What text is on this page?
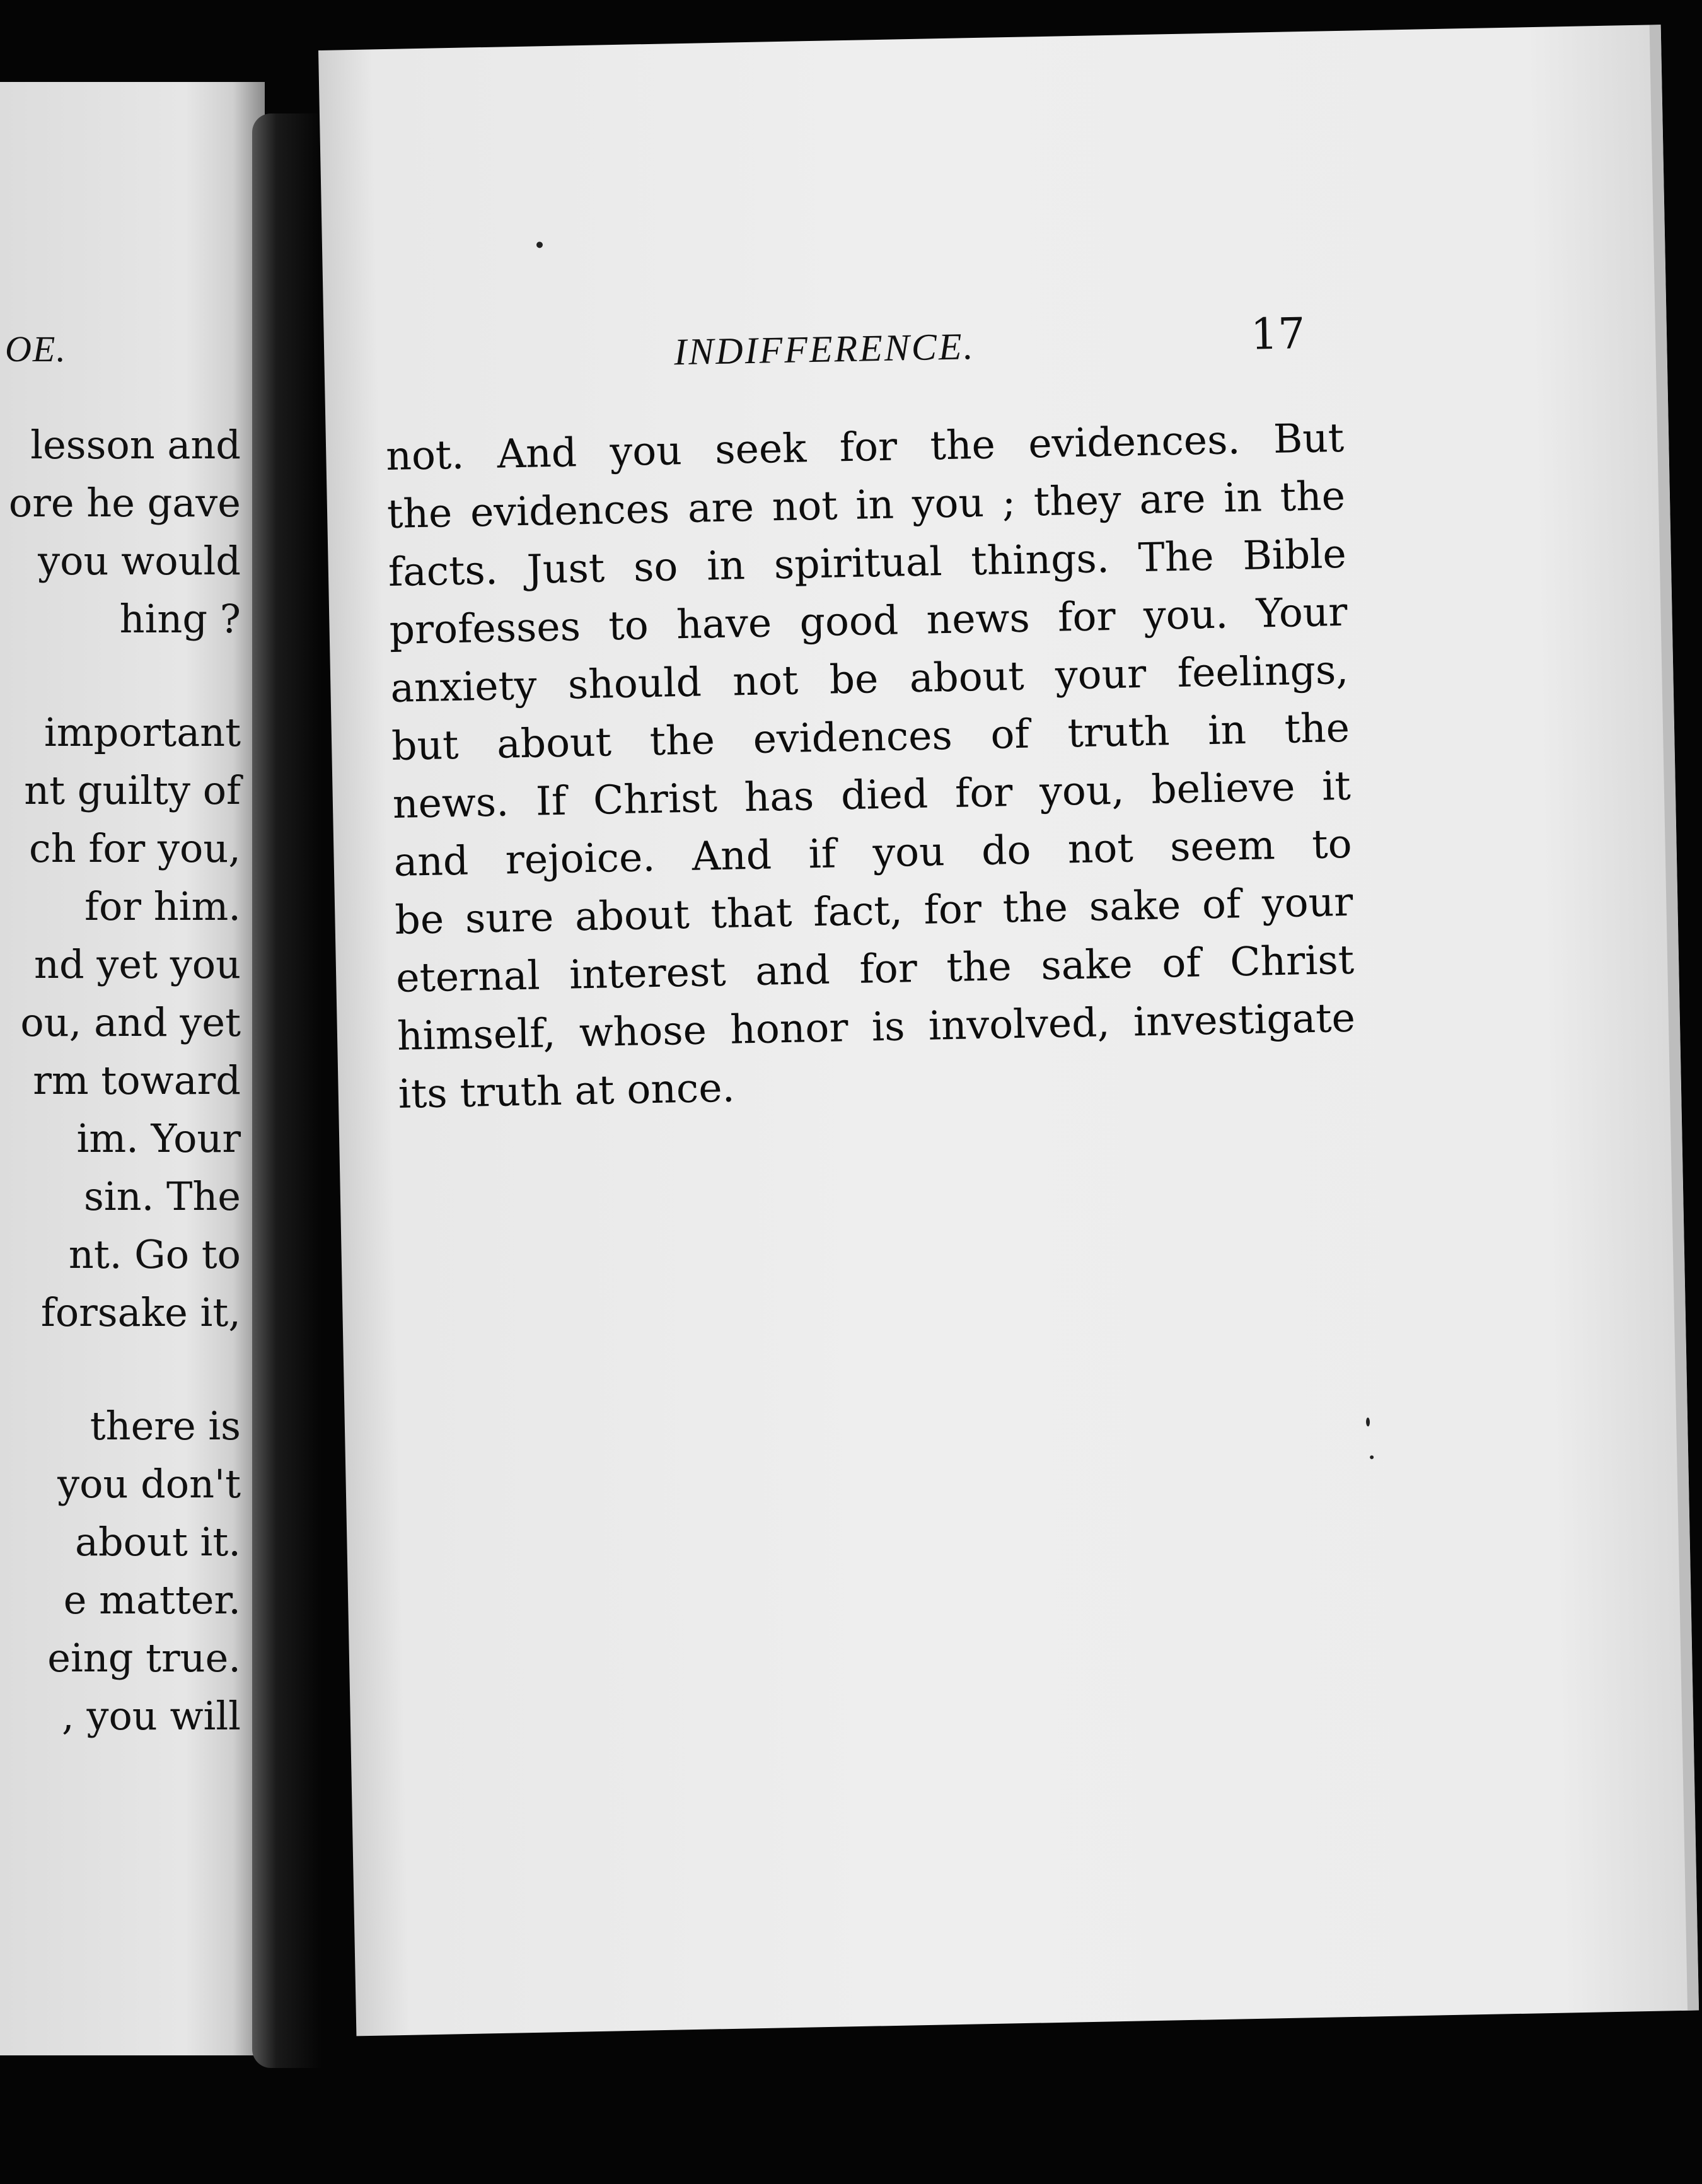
OE.
lesson and
ore he gave
you would
hing ?
important
nt guilty of
ch for you,
for him.
nd yet you
ou, and yet
rm toward
im. Your
sin. The
nt. Go to
forsake it,
there is
you don't
about it.
e matter.
eing true.
, you will
INDIFFERENCE.	17
not. And you seek for the evidences. But
the evidences are not in you ; they are in the
facts. Just so in spiritual things. The Bible
professes to have good news for you. Your
anxiety should not be about your feelings,
but about the evidences of truth in the
news. If Christ has died for you, believe it
and rejoice. And if you do not seem to
be sure about that fact, for the sake of your
eternal interest and for the sake of Christ
himself, whose honor is involved, investigate
its truth at once.
